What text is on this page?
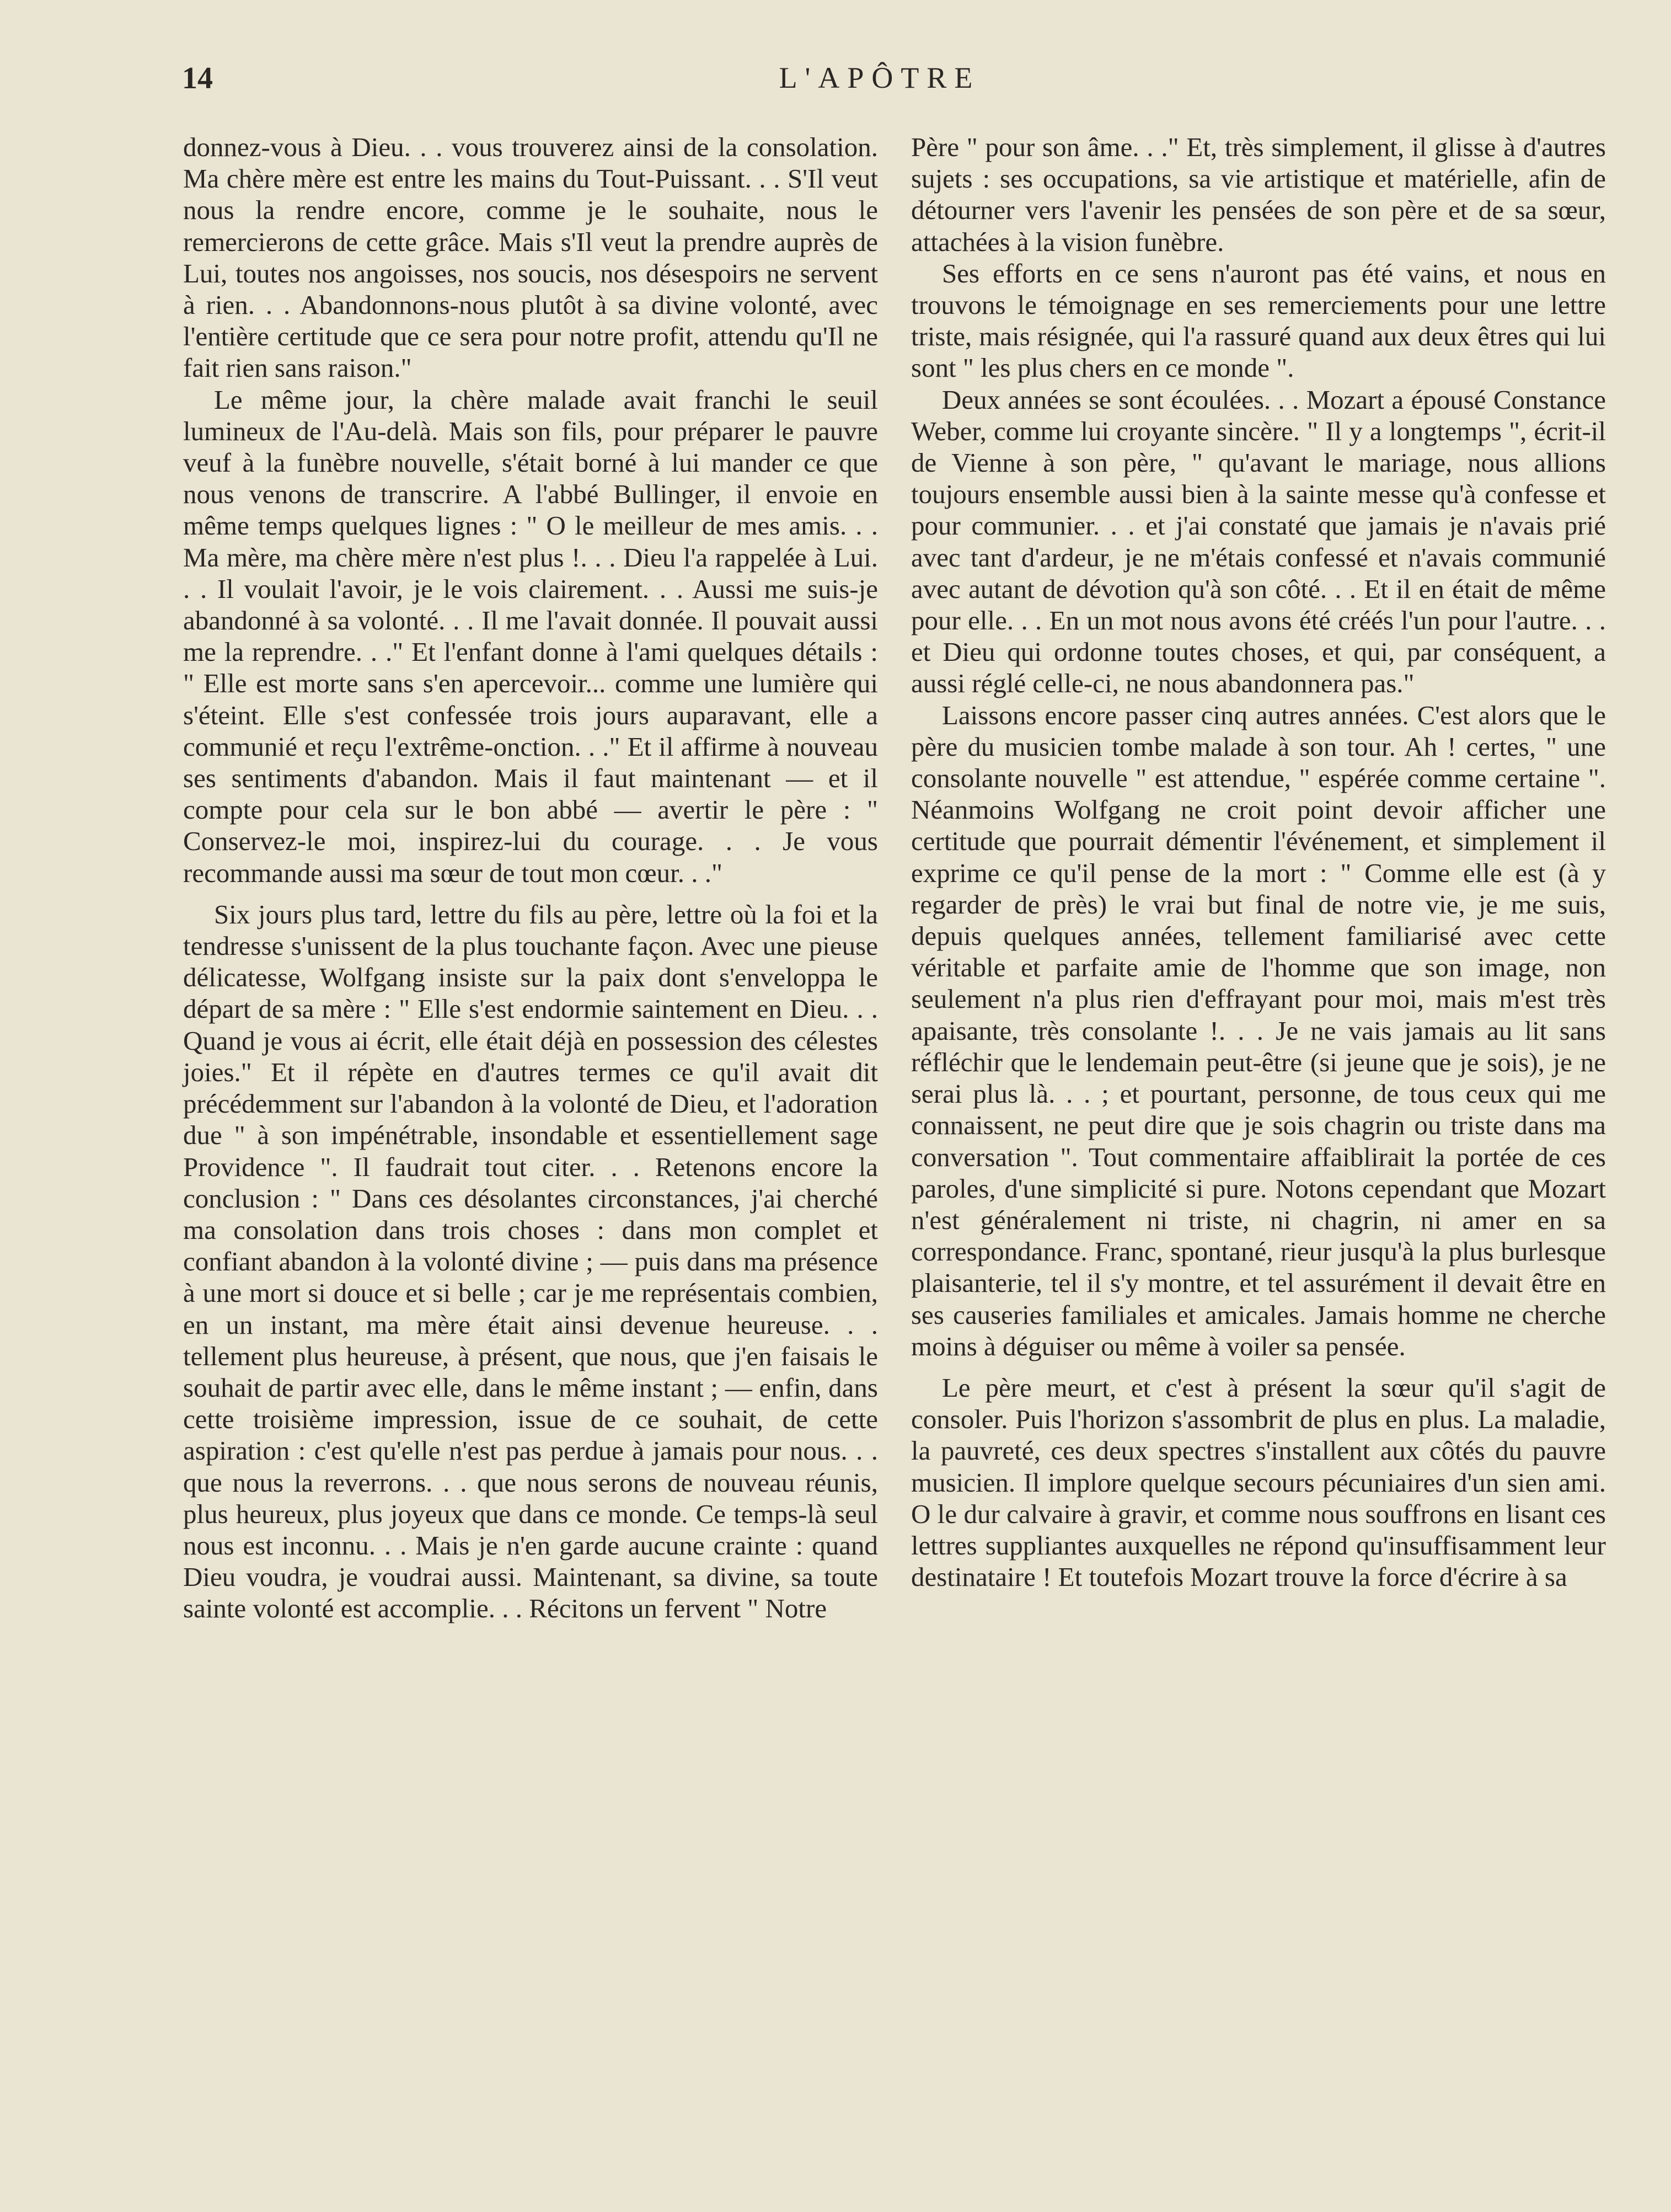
14	L'APÔTRE

donnez-vous à Dieu. . . vous trouverez ainsi de la consolation. Ma chère mère est entre les mains du Tout-Puissant. . . S'Il veut nous la rendre encore, comme je le souhaite, nous le remercierons de cette grâce. Mais s'Il veut la prendre auprès de Lui, toutes nos angoisses, nos soucis, nos désespoirs ne servent à rien. . . Abandonnons-nous plutôt à sa divine volonté, avec l'entière certitude que ce sera pour notre profit, attendu qu'Il ne fait rien sans raison."

Le même jour, la chère malade avait franchi le seuil lumineux de l'Au-delà. Mais son fils, pour préparer le pauvre veuf à la funèbre nouvelle, s'était borné à lui mander ce que nous venons de transcrire. A l'abbé Bullinger, il envoie en même temps quelques lignes : " O le meilleur de mes amis. . . Ma mère, ma chère mère n'est plus !. . . Dieu l'a rappelée à Lui. . . Il voulait l'avoir, je le vois clairement. . . Aussi me suis-je abandonné à sa volonté. . . Il me l'avait donnée. Il pouvait aussi me la reprendre. . ." Et l'enfant donne à l'ami quelques détails : " Elle est morte sans s'en apercevoir... comme une lumière qui s'éteint. Elle s'est confessée trois jours auparavant, elle a communié et reçu l'extrême-onction. . ." Et il affirme à nouveau ses sentiments d'abandon. Mais il faut maintenant — et il compte pour cela sur le bon abbé — avertir le père : " Conservez-le moi, inspirez-lui du courage. . . Je vous recommande aussi ma sœur de tout mon cœur. . ."

Six jours plus tard, lettre du fils au père, lettre où la foi et la tendresse s'unissent de la plus touchante façon. Avec une pieuse délicatesse, Wolfgang insiste sur la paix dont s'enveloppa le départ de sa mère : " Elle s'est endormie saintement en Dieu. . . Quand je vous ai écrit, elle était déjà en possession des célestes joies." Et il répète en d'autres termes ce qu'il avait dit précédemment sur l'abandon à la volonté de Dieu, et l'adoration due " à son impénétrable, insondable et essentiellement sage Providence ". Il faudrait tout citer. . . Retenons encore la conclusion : " Dans ces désolantes circonstances, j'ai cherché ma consolation dans trois choses : dans mon complet et confiant abandon à la volonté divine ; — puis dans ma présence à une mort si douce et si belle ; car je me représentais combien, en un instant, ma mère était ainsi devenue heureuse. . . tellement plus heureuse, à présent, que nous, que j'en faisais le souhait de partir avec elle, dans le même instant ; — enfin, dans cette troisième impression, issue de ce souhait, de cette aspiration : c'est qu'elle n'est pas perdue à jamais pour nous. . . que nous la reverrons. . . que nous serons de nouveau réunis, plus heureux, plus joyeux que dans ce monde. Ce temps-là seul nous est inconnu. . . Mais je n'en garde aucune crainte : quand Dieu voudra, je voudrai aussi. Maintenant, sa divine, sa toute sainte volonté est accomplie. . . Récitons un fervent " Notre

Père " pour son âme. . ." Et, très simplement, il glisse à d'autres sujets : ses occupations, sa vie artistique et matérielle, afin de détourner vers l'avenir les pensées de son père et de sa sœur, attachées à la vision funèbre.

Ses efforts en ce sens n'auront pas été vains, et nous en trouvons le témoignage en ses remerciements pour une lettre triste, mais résignée, qui l'a rassuré quand aux deux êtres qui lui sont " les plus chers en ce monde ".

Deux années se sont écoulées. . . Mozart a épousé Constance Weber, comme lui croyante sincère. " Il y a longtemps ", écrit-il de Vienne à son père, " qu'avant le mariage, nous allions toujours ensemble aussi bien à la sainte messe qu'à confesse et pour communier. . . et j'ai constaté que jamais je n'avais prié avec tant d'ardeur, je ne m'étais confessé et n'avais communié avec autant de dévotion qu'à son côté. . . Et il en était de même pour elle. . . En un mot nous avons été créés l'un pour l'autre. . . et Dieu qui ordonne toutes choses, et qui, par conséquent, a aussi réglé celle-ci, ne nous abandonnera pas."

Laissons encore passer cinq autres années. C'est alors que le père du musicien tombe malade à son tour. Ah ! certes, " une consolante nouvelle " est attendue, " espérée comme certaine ". Néanmoins Wolfgang ne croit point devoir afficher une certitude que pourrait démentir l'événement, et simplement il exprime ce qu'il pense de la mort : " Comme elle est (à y regarder de près) le vrai but final de notre vie, je me suis, depuis quelques années, tellement familiarisé avec cette véritable et parfaite amie de l'homme que son image, non seulement n'a plus rien d'effrayant pour moi, mais m'est très apaisante, très consolante !. . . Je ne vais jamais au lit sans réfléchir que le lendemain peut-être (si jeune que je sois), je ne serai plus là. . . ; et pourtant, personne, de tous ceux qui me connaissent, ne peut dire que je sois chagrin ou triste dans ma conversation ". Tout commentaire affaiblirait la portée de ces paroles, d'une simplicité si pure. Notons cependant que Mozart n'est généralement ni triste, ni chagrin, ni amer en sa correspondance. Franc, spontané, rieur jusqu'à la plus burlesque plaisanterie, tel il s'y montre, et tel assurément il devait être en ses causeries familiales et amicales. Jamais homme ne cherche moins à déguiser ou même à voiler sa pensée.

Le père meurt, et c'est à présent la sœur qu'il s'agit de consoler. Puis l'horizon s'assombrit de plus en plus. La maladie, la pauvreté, ces deux spectres s'installent aux côtés du pauvre musicien. Il implore quelque secours pécuniaires d'un sien ami. O le dur calvaire à gravir, et comme nous souffrons en lisant ces lettres suppliantes auxquelles ne répond qu'insuffisamment leur destinataire ! Et toutefois Mozart trouve la force d'écrire à sa
